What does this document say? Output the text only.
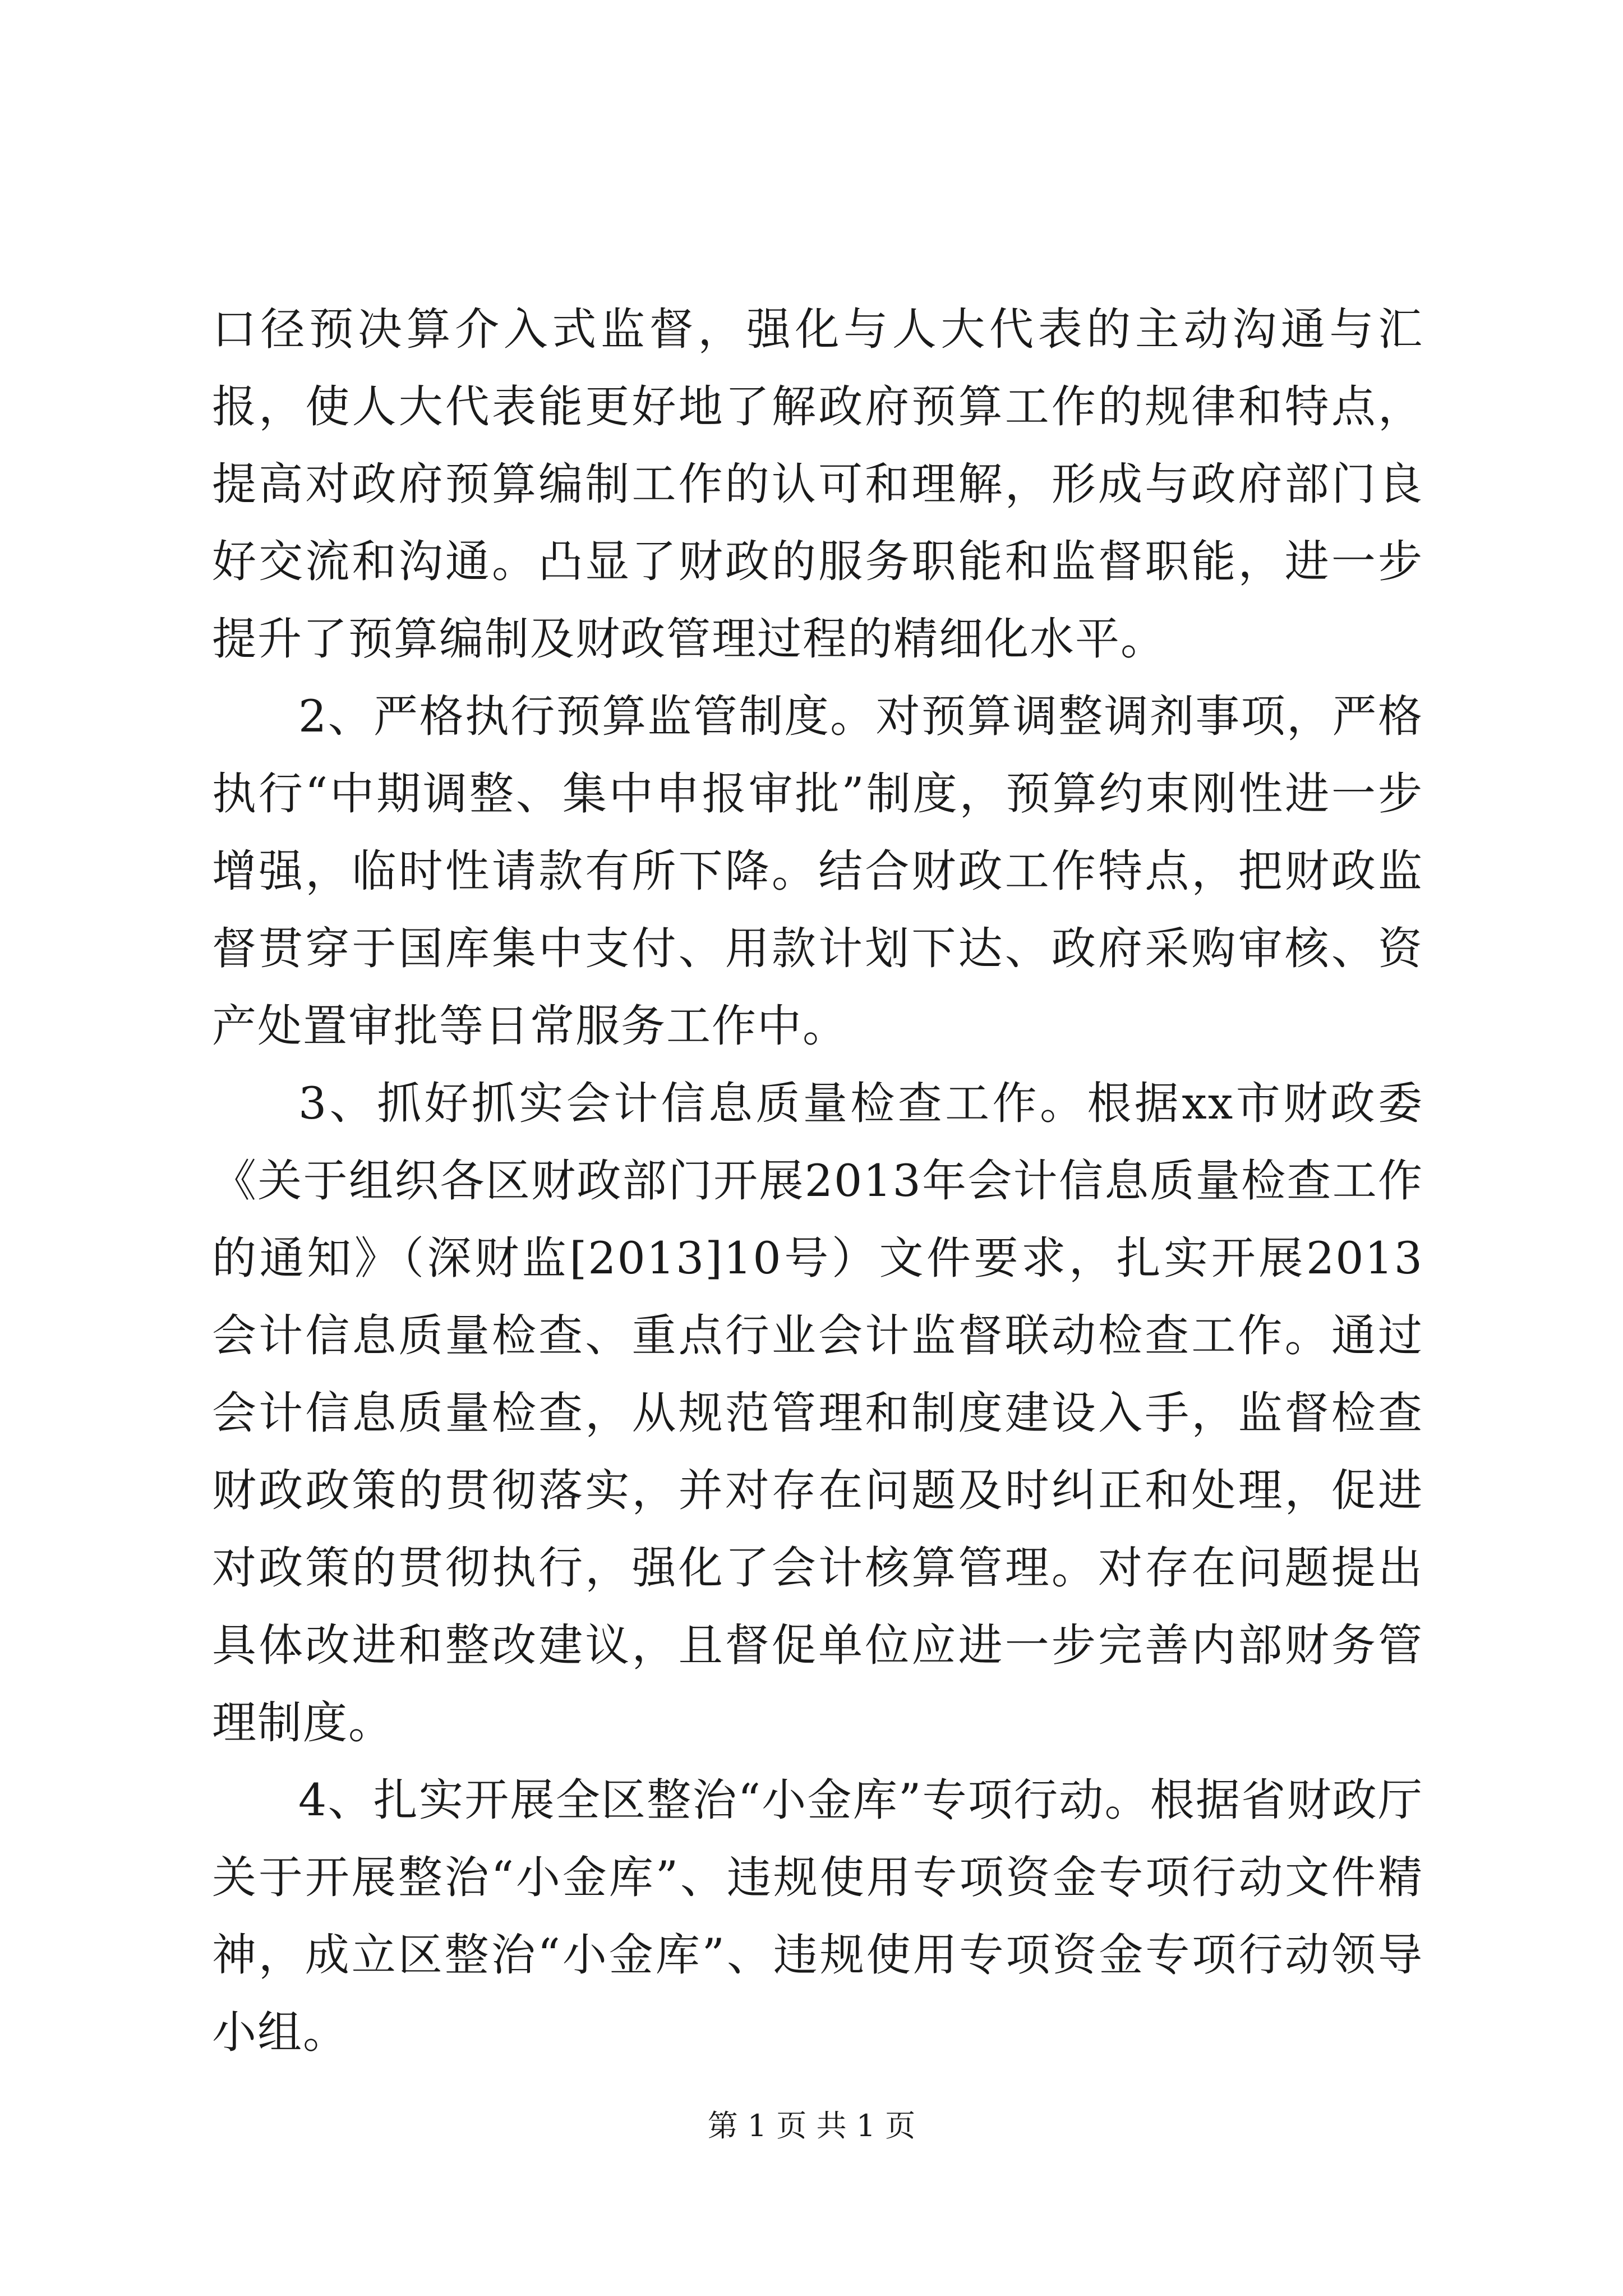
口径预决算介入式监督，强化与人大代表的主动沟通与汇报，使人大代表能更好地了解政府预算工作的规律和特点，提高对政府预算编制工作的认可和理解，形成与政府部门良好交流和沟通。凸显了财政的服务职能和监督职能，进一步提升了预算编制及财政管理过程的精细化水平。

2、严格执行预算监管制度。对预算调整调剂事项，严格执行“中期调整、集中申报审批”制度，预算约束刚性进一步增强，临时性请款有所下降。结合财政工作特点，把财政监督贯穿于国库集中支付、用款计划下达、政府采购审核、资产处置审批等日常服务工作中。

3、抓好抓实会计信息质量检查工作。根据xx市财政委《关于组织各区财政部门开展2013年会计信息质量检查工作的通知》（深财监[2013]10号）文件要求，扎实开展2013会计信息质量检查、重点行业会计监督联动检查工作。通过会计信息质量检查，从规范管理和制度建设入手，监督检查财政政策的贯彻落实，并对存在问题及时纠正和处理，促进对政策的贯彻执行，强化了会计核算管理。对存在问题提出具体改进和整改建议，且督促单位应进一步完善内部财务管理制度。

4、扎实开展全区整治“小金库”专项行动。根据省财政厅关于开展整治“小金库”、违规使用专项资金专项行动文件精神，成立区整治“小金库”、违规使用专项资金专项行动领导小组。

第 1 页 共 1 页
